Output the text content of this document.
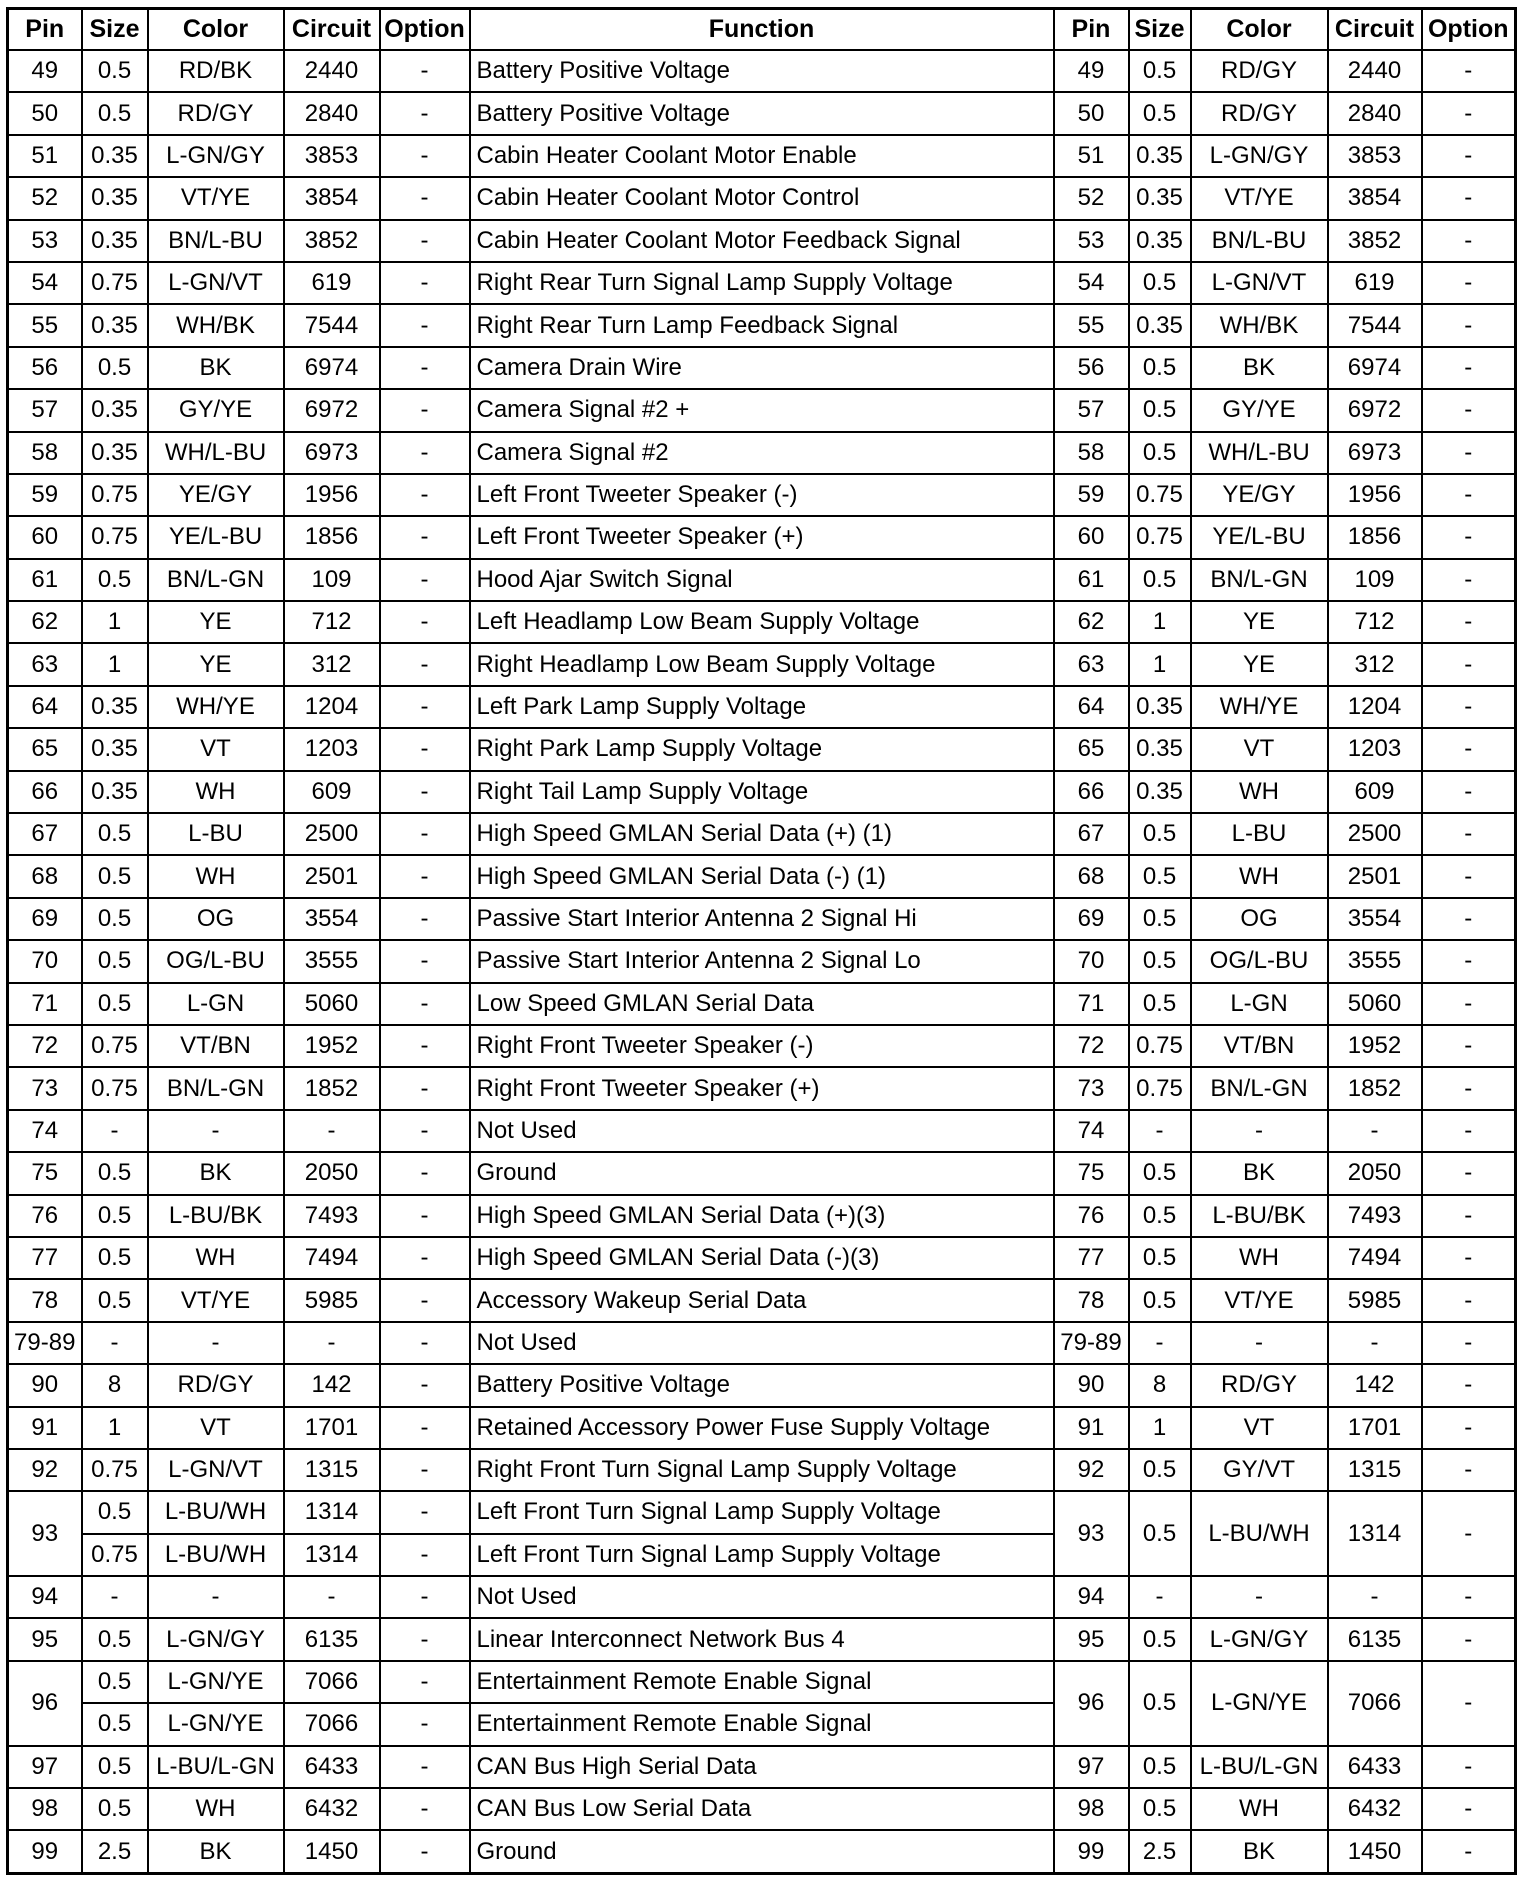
Pin	Size	Color	Circuit	Option	Function	Pin	Size	Color	Circuit	Option
49	0.5	RD/BK	2440	-	Battery Positive Voltage	49	0.5	RD/GY	2440	-
50	0.5	RD/GY	2840	-	Battery Positive Voltage	50	0.5	RD/GY	2840	-
51	0.35	L-GN/GY	3853	-	Cabin Heater Coolant Motor Enable	51	0.35	L-GN/GY	3853	-
52	0.35	VT/YE	3854	-	Cabin Heater Coolant Motor Control	52	0.35	VT/YE	3854	-
53	0.35	BN/L-BU	3852	-	Cabin Heater Coolant Motor Feedback Signal	53	0.35	BN/L-BU	3852	-
54	0.75	L-GN/VT	619	-	Right Rear Turn Signal Lamp Supply Voltage	54	0.5	L-GN/VT	619	-
55	0.35	WH/BK	7544	-	Right Rear Turn Lamp Feedback Signal	55	0.35	WH/BK	7544	-
56	0.5	BK	6974	-	Camera Drain Wire	56	0.5	BK	6974	-
57	0.35	GY/YE	6972	-	Camera Signal #2 +	57	0.5	GY/YE	6972	-
58	0.35	WH/L-BU	6973	-	Camera Signal #2	58	0.5	WH/L-BU	6973	-
59	0.75	YE/GY	1956	-	Left Front Tweeter Speaker (-)	59	0.75	YE/GY	1956	-
60	0.75	YE/L-BU	1856	-	Left Front Tweeter Speaker (+)	60	0.75	YE/L-BU	1856	-
61	0.5	BN/L-GN	109	-	Hood Ajar Switch Signal	61	0.5	BN/L-GN	109	-
62	1	YE	712	-	Left Headlamp Low Beam Supply Voltage	62	1	YE	712	-
63	1	YE	312	-	Right Headlamp Low Beam Supply Voltage	63	1	YE	312	-
64	0.35	WH/YE	1204	-	Left Park Lamp Supply Voltage	64	0.35	WH/YE	1204	-
65	0.35	VT	1203	-	Right Park Lamp Supply Voltage	65	0.35	VT	1203	-
66	0.35	WH	609	-	Right Tail Lamp Supply Voltage	66	0.35	WH	609	-
67	0.5	L-BU	2500	-	High Speed GMLAN Serial Data (+) (1)	67	0.5	L-BU	2500	-
68	0.5	WH	2501	-	High Speed GMLAN Serial Data (-) (1)	68	0.5	WH	2501	-
69	0.5	OG	3554	-	Passive Start Interior Antenna 2 Signal Hi	69	0.5	OG	3554	-
70	0.5	OG/L-BU	3555	-	Passive Start Interior Antenna 2 Signal Lo	70	0.5	OG/L-BU	3555	-
71	0.5	L-GN	5060	-	Low Speed GMLAN Serial Data	71	0.5	L-GN	5060	-
72	0.75	VT/BN	1952	-	Right Front Tweeter Speaker (-)	72	0.75	VT/BN	1952	-
73	0.75	BN/L-GN	1852	-	Right Front Tweeter Speaker (+)	73	0.75	BN/L-GN	1852	-
74	-	-	-	-	Not Used	74	-	-	-	-
75	0.5	BK	2050	-	Ground	75	0.5	BK	2050	-
76	0.5	L-BU/BK	7493	-	High Speed GMLAN Serial Data (+)(3)	76	0.5	L-BU/BK	7493	-
77	0.5	WH	7494	-	High Speed GMLAN Serial Data (-)(3)	77	0.5	WH	7494	-
78	0.5	VT/YE	5985	-	Accessory Wakeup Serial Data	78	0.5	VT/YE	5985	-
79-89	-	-	-	-	Not Used	79-89	-	-	-	-
90	8	RD/GY	142	-	Battery Positive Voltage	90	8	RD/GY	142	-
91	1	VT	1701	-	Retained Accessory Power Fuse Supply Voltage	91	1	VT	1701	-
92	0.75	L-GN/VT	1315	-	Right Front Turn Signal Lamp Supply Voltage	92	0.5	GY/VT	1315	-
93	0.5	L-BU/WH	1314	-	Left Front Turn Signal Lamp Supply Voltage	93	0.5	L-BU/WH	1314	-
	0.75	L-BU/WH	1314	-	Left Front Turn Signal Lamp Supply Voltage					
94	-	-	-	-	Not Used	94	-	-	-	-
95	0.5	L-GN/GY	6135	-	Linear Interconnect Network Bus 4	95	0.5	L-GN/GY	6135	-
96	0.5	L-GN/YE	7066	-	Entertainment Remote Enable Signal	96	0.5	L-GN/YE	7066	-
	0.5	L-GN/YE	7066	-	Entertainment Remote Enable Signal					
97	0.5	L-BU/L-GN	6433	-	CAN Bus High Serial Data	97	0.5	L-BU/L-GN	6433	-
98	0.5	WH	6432	-	CAN Bus Low Serial Data	98	0.5	WH	6432	-
99	2.5	BK	1450	-	Ground	99	2.5	BK	1450	-
